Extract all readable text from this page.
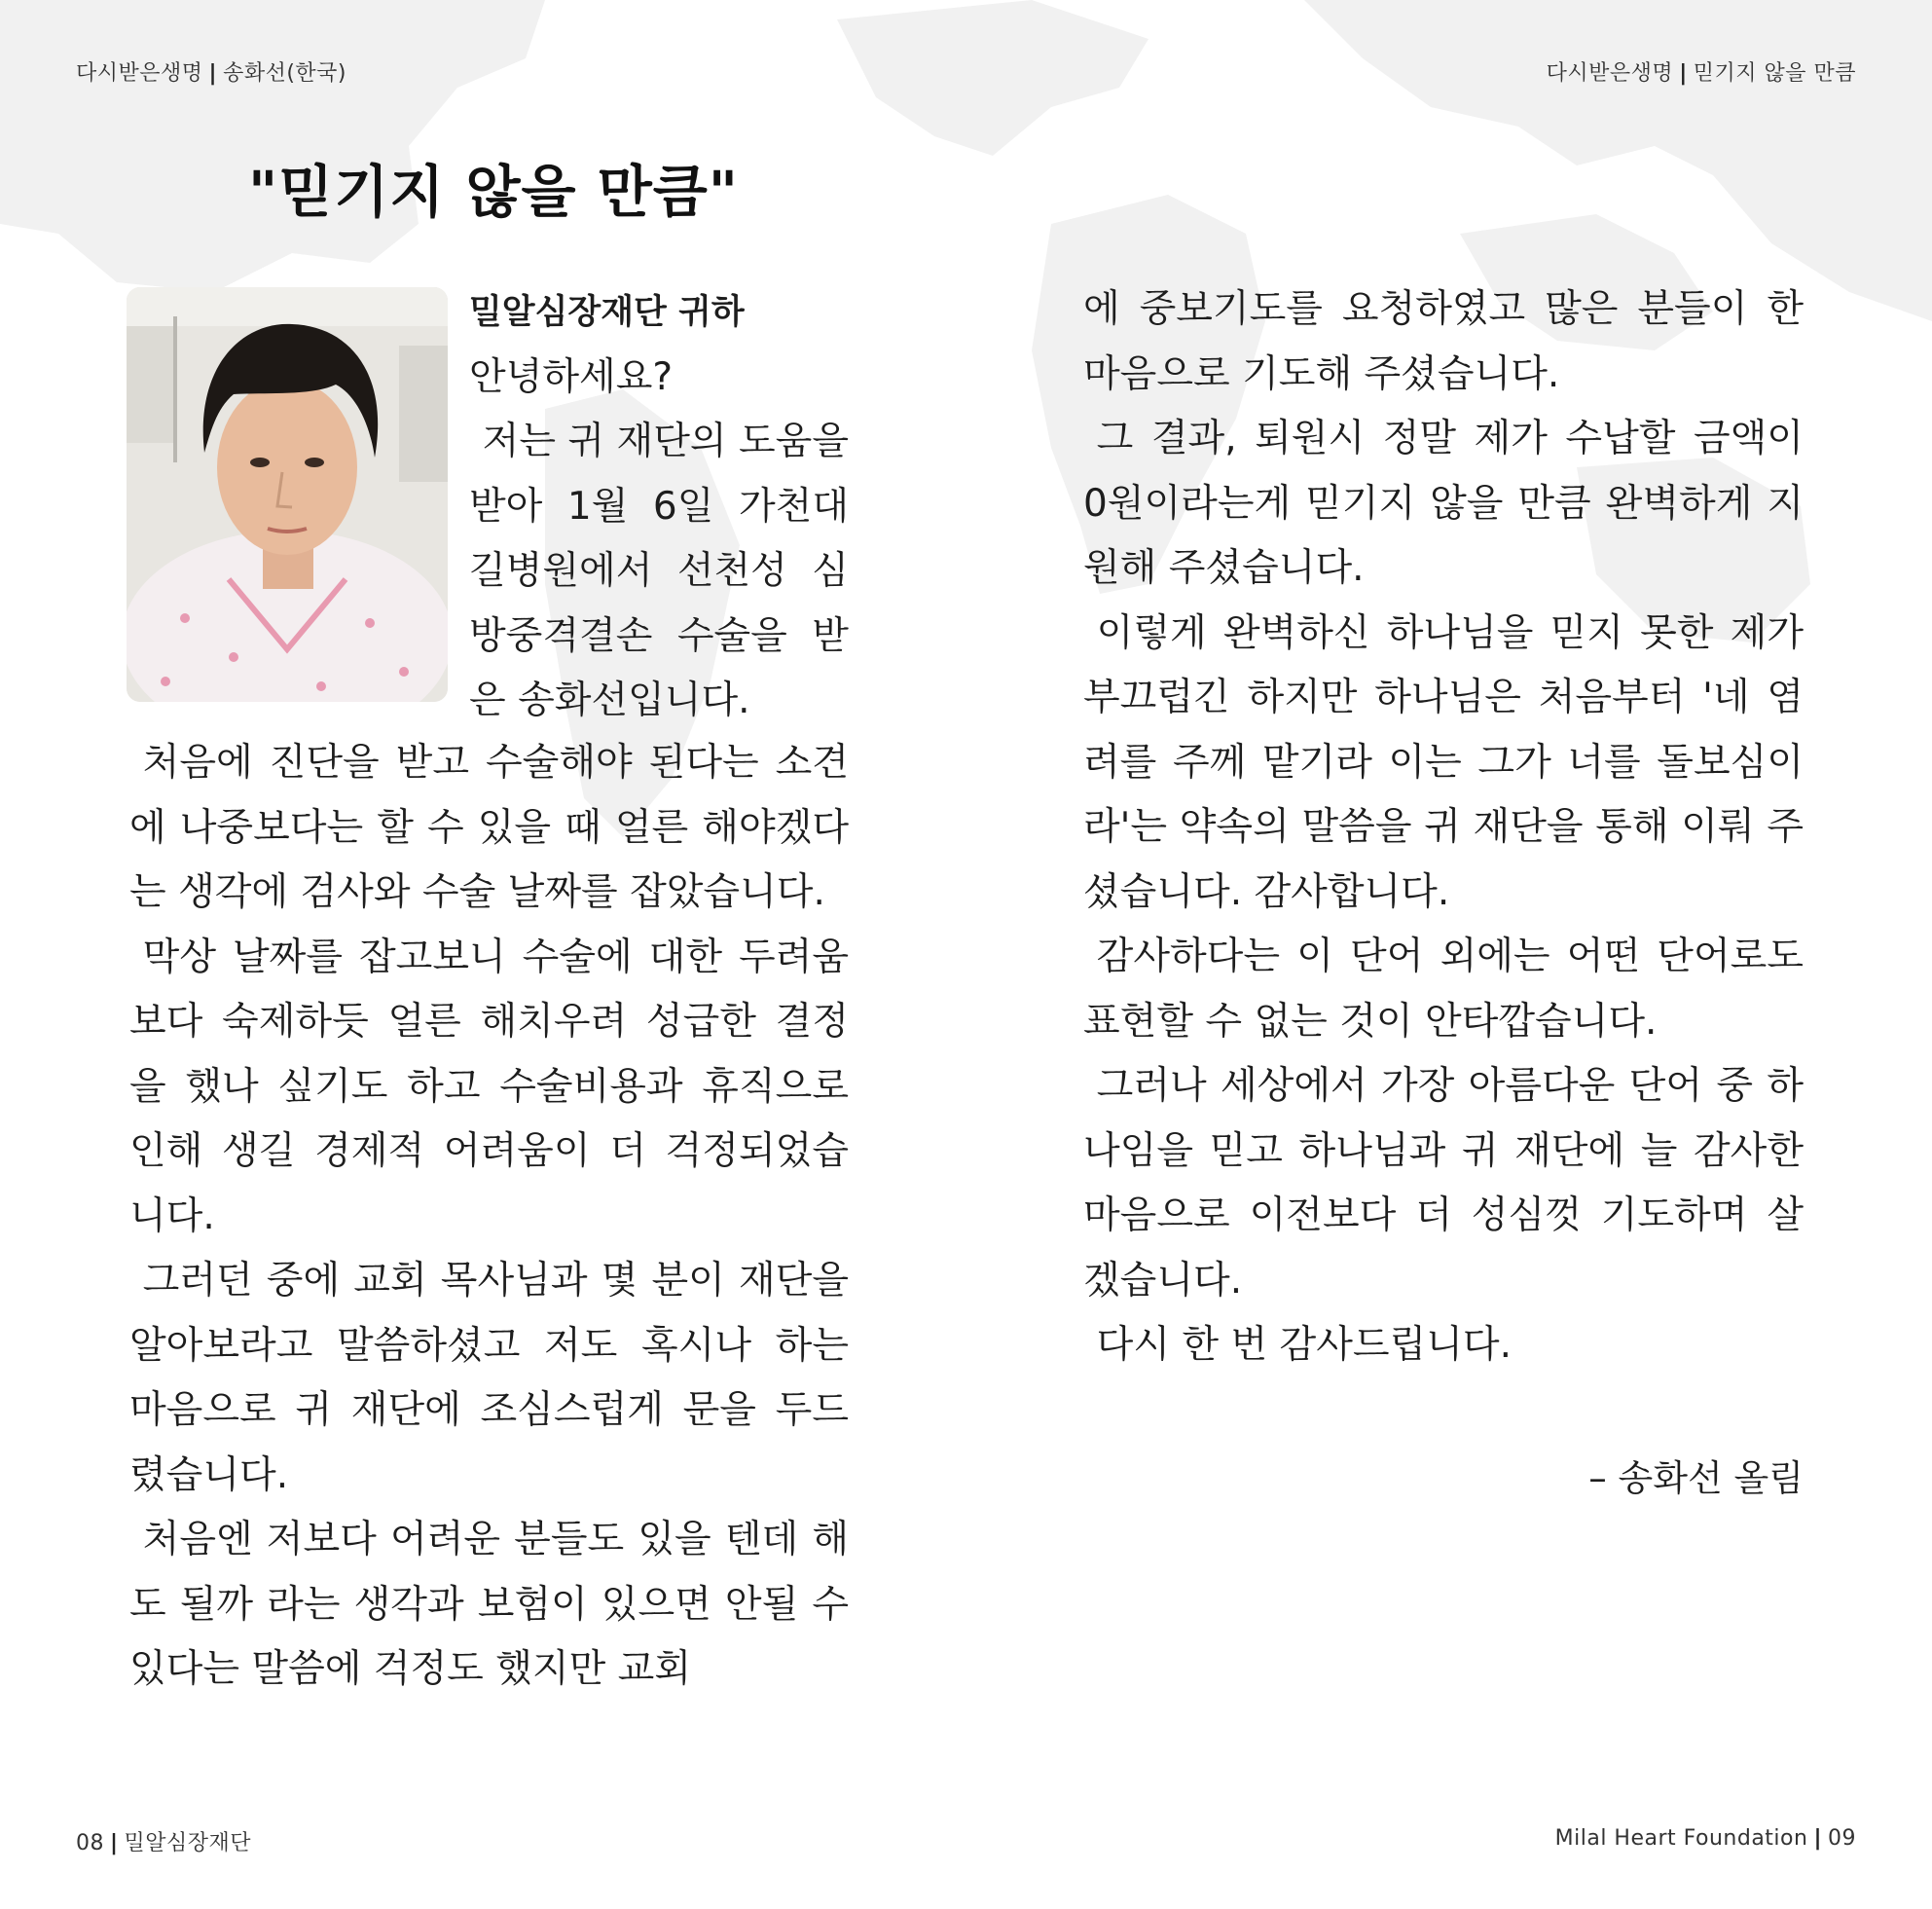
다시받은생명 | 송화선(한국)	다시받은생명 | 믿기지 않을 만큼
"믿기지 않을 만큼"

밀알심장재단 귀하

안녕하세요?

저는 귀 재단의 도움을 받아 1월 6일 가천대 길병원에서 선천성 심방중격결손 수술을 받은 송화선입니다.

처음에 진단을 받고 수술해야 된다는 소견에 나중보다는 할 수 있을 때 얼른 해야겠다는 생각에 검사와 수술 날짜를 잡았습니다.

막상 날짜를 잡고보니 수술에 대한 두려움보다 숙제하듯 얼른 해치우려 성급한 결정을 했나 싶기도 하고 수술비용과 휴직으로 인해 생길 경제적 어려움이 더 걱정되었습니다.

그러던 중에 교회 목사님과 몇 분이 재단을 알아보라고 말씀하셨고 저도 혹시나 하는 마음으로 귀 재단에 조심스럽게 문을 두드렸습니다.

처음엔 저보다 어려운 분들도 있을 텐데 해도 될까 라는 생각과 보험이 있으면 안될 수 있다는 말씀에 걱정도 했지만 교회

에 중보기도를 요청하였고 많은 분들이 한마음으로 기도해 주셨습니다.

그 결과, 퇴원시 정말 제가 수납할 금액이 0원이라는게 믿기지 않을 만큼 완벽하게 지원해 주셨습니다.

이렇게 완벽하신 하나님을 믿지 못한 제가 부끄럽긴 하지만 하나님은 처음부터 '네 염려를 주께 맡기라 이는 그가 너를 돌보심이라'는 약속의 말씀을 귀 재단을 통해 이뤄 주셨습니다. 감사합니다.

감사하다는 이 단어 외에는 어떤 단어로도 표현할 수 없는 것이 안타깝습니다.

그러나 세상에서 가장 아름다운 단어 중 하나임을 믿고 하나님과 귀 재단에 늘 감사한 마음으로 이전보다 더 성심껏 기도하며 살겠습니다.

다시 한 번 감사드립니다.

– 송화선 올림
08 | 밀알심장재단	Milal Heart Foundation | 09
